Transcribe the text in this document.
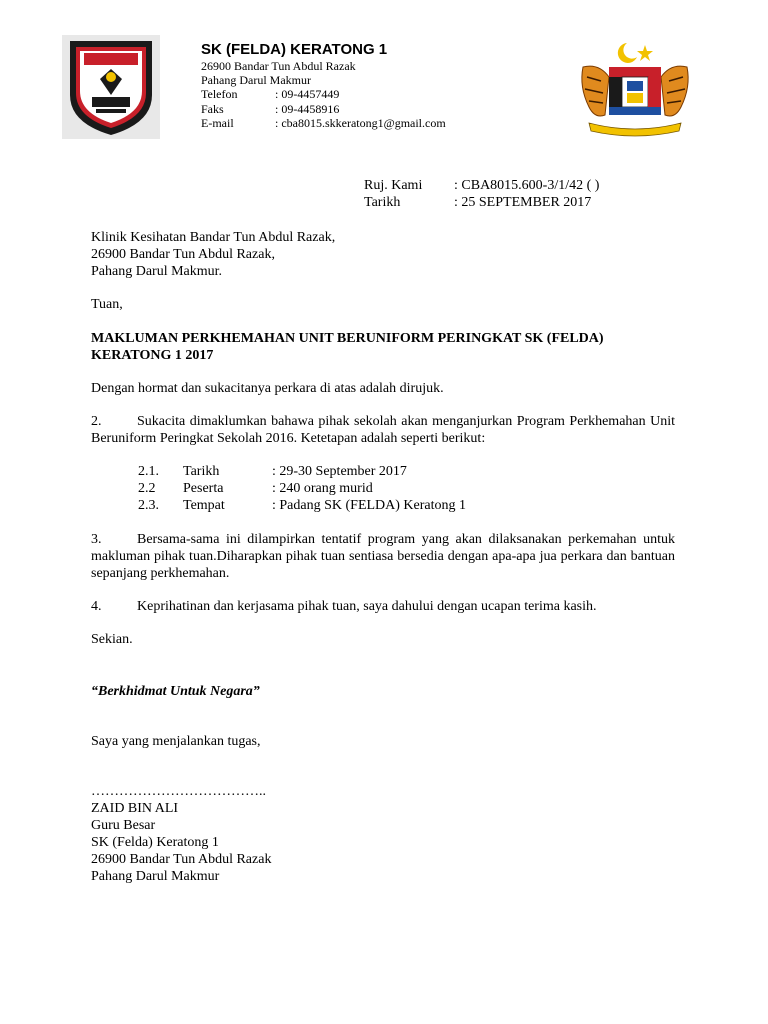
SK (FELDA) KERATONG 1
26900 Bandar Tun Abdul Razak
Pahang Darul Makmur
Telefon	: 09-4457449
Faks	: 09-4458916
E-mail	: cba8015.skkeratong1@gmail.com
Ruj. Kami : CBA8015.600-3/1/42 ( )
Tarikh	: 25 SEPTEMBER 2017
Klinik Kesihatan Bandar Tun Abdul Razak,
26900 Bandar Tun Abdul Razak,
Pahang Darul Makmur.
Tuan,
MAKLUMAN PERKHEMAHAN UNIT BERUNIFORM PERINGKAT SK (FELDA)
KERATONG 1 2017
Dengan hormat dan sukacitanya perkara di atas adalah dirujuk.
2.	Sukacita dimaklumkan bahawa pihak sekolah akan menganjurkan Program Perkhemahan Unit Beruniform Peringkat Sekolah 2016. Ketetapan adalah seperti berikut:
2.1. Tarikh	: 29-30 September 2017
2.2 Peserta	: 240 orang murid
2.3. Tempat	: Padang SK (FELDA) Keratong 1
3.	Bersama-sama ini dilampirkan tentatif program yang akan dilaksanakan perkemahan untuk makluman pihak tuan.Diharapkan pihak tuan sentiasa bersedia dengan apa-apa jua perkara dan bantuan sepanjang perkhemahan.
4.	Keprihatinan dan kerjasama pihak tuan, saya dahului dengan ucapan terima kasih.
Sekian.
“Berkhidmat Untuk Negara”
Saya yang menjalankan tugas,
………………………………..
ZAID BIN ALI
Guru Besar
SK (Felda) Keratong 1
26900 Bandar Tun Abdul Razak
Pahang Darul Makmur
